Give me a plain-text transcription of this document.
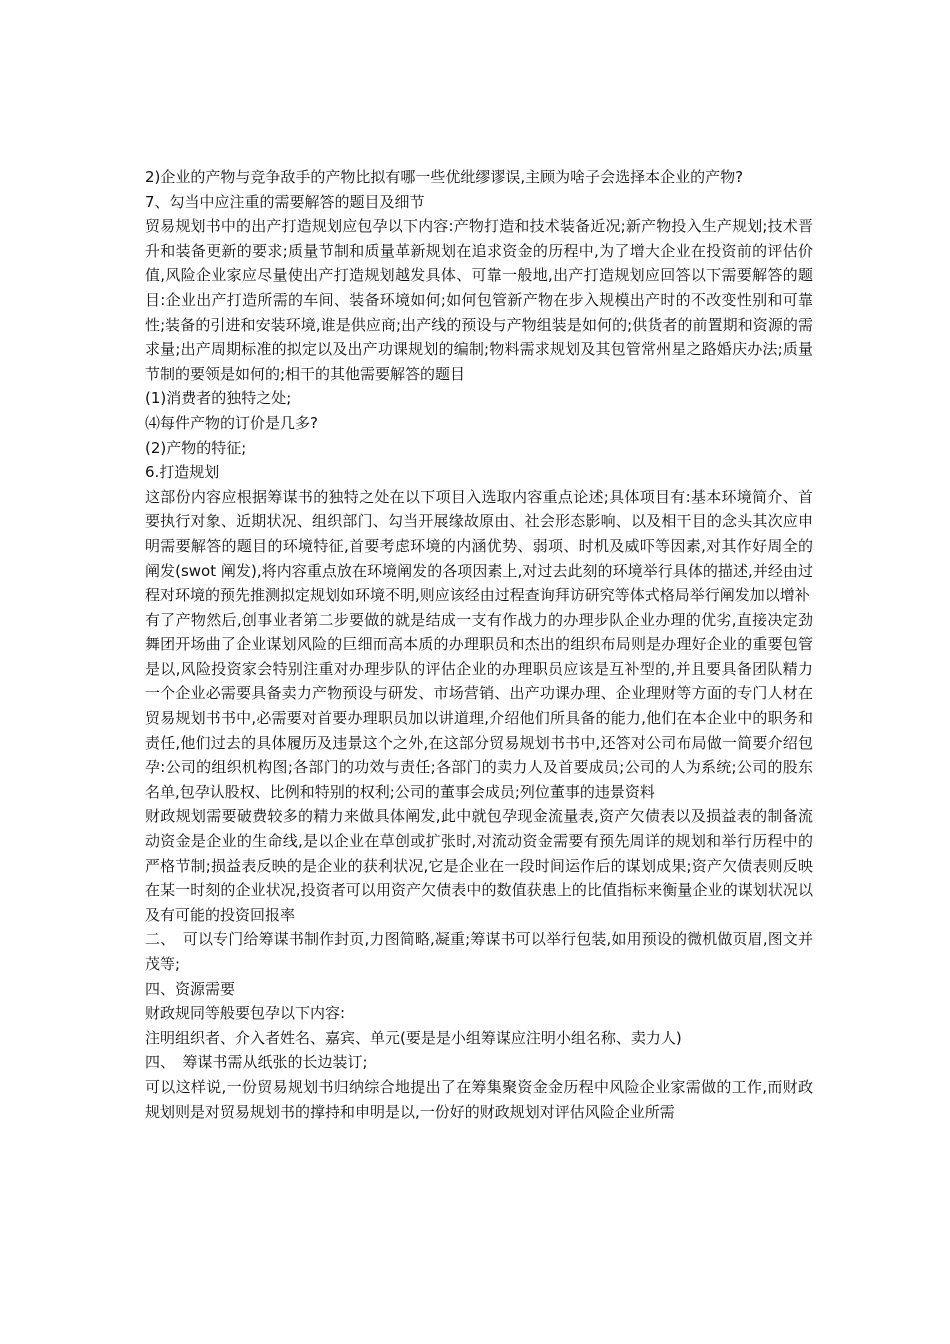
2)企业的产物与竞争敌手的产物比拟有哪一些优纰缪谬误,主顾为啥子会选择本企业的产物?

7、勾当中应注重的需要解答的题目及细节

贸易规划书中的出产打造规划应包孕以下内容:产物打造和技术装备近况;新产物投入生产规划;技术晋升和装备更新的要求;质量节制和质量革新规划在追求资金的历程中,为了增大企业在投资前的评估价值,风险企业家应尽量使出产打造规划越发具体、可靠一般地,出产打造规划应回答以下需要解答的题目:企业出产打造所需的车间、装备环境如何;如何包管新产物在步入规模出产时的不改变性别和可靠性;装备的引进和安装环境,谁是供应商;出产线的预设与产物组装是如何的;供货者的前置期和资源的需求量;出产周期标准的拟定以及出产功课规划的编制;物料需求规划及其包管常州星之路婚庆办法;质量节制的要领是如何的;相干的其他需要解答的题目

(1)消费者的独特之处;

⑷每件产物的订价是几多?

(2)产物的特征;

6.打造规划

这部份内容应根据筹谋书的独特之处在以下项目入选取内容重点论述;具体项目有:基本环境简介、首要执行对象、近期状况、组织部门、勾当开展缘故原由、社会形态影响、以及相干目的念头其次应申明需要解答的题目的环境特征,首要考虑环境的内涵优势、弱项、时机及威吓等因素,对其作好周全的阐发(swot 阐发),将内容重点放在环境阐发的各项因素上,对过去此刻的环境举行具体的描述,并经由过程对环境的预先推测拟定规划如环境不明,则应该经由过程查询拜访研究等体式格局举行阐发加以增补

有了产物然后,创事业者第二步要做的就是结成一支有作战力的办理步队企业办理的优劣,直接决定劲舞团开场曲了企业谋划风险的巨细而高本质的办理职员和杰出的组织布局则是办理好企业的重要包管是以,风险投资家会特别注重对办理步队的评估企业的办理职员应该是互补型的,并且要具备团队精力一个企业必需要具备卖力产物预设与研发、市场营销、出产功课办理、企业理财等方面的专门人材在贸易规划书书中,必需要对首要办理职员加以讲道理,介绍他们所具备的能力,他们在本企业中的职务和责任,他们过去的具体履历及违景这个之外,在这部分贸易规划书书中,还答对公司布局做一简要介绍包孕:公司的组织机构图;各部门的功效与责任;各部门的卖力人及首要成员;公司的人为系统;公司的股东名单,包孕认股权、比例和特别的权利;公司的董事会成员;列位董事的违景资料

财政规划需要破费较多的精力来做具体阐发,此中就包孕现金流量表,资产欠债表以及损益表的制备流动资金是企业的生命线,是以企业在草创或扩张时,对流动资金需要有预先周详的规划和举行历程中的严格节制;损益表反映的是企业的获利状况,它是企业在一段时间运作后的谋划成果;资产欠债表则反映在某一时刻的企业状况,投资者可以用资产欠债表中的数值获患上的比值指标来衡量企业的谋划状况以及有可能的投资回报率

二、　可以专门给筹谋书制作封页,力图简略,凝重;筹谋书可以举行包装,如用预设的微机做页眉,图文并茂等;

四、资源需要

财政规同等般要包孕以下内容:

注明组织者、介入者姓名、嘉宾、单元(要是是小组筹谋应注明小组名称、卖力人)

四、　筹谋书需从纸张的长边装订;

可以这样说,一份贸易规划书归纳综合地提出了在筹集聚资金金历程中风险企业家需做的工作,而财政规划则是对贸易规划书的撑持和申明是以,一份好的财政规划对评估风险企业所需
